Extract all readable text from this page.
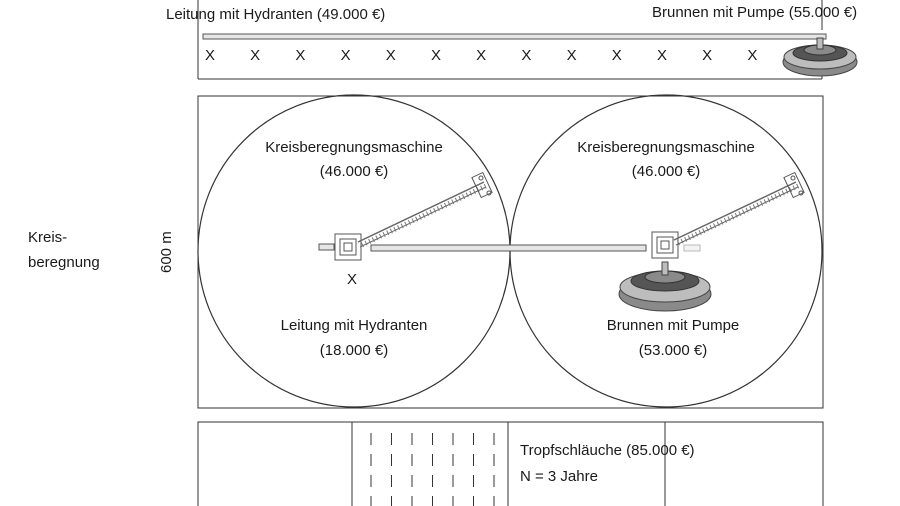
Leitung mit Hydranten (49.000 €)	Brunnen mit Pumpe (55.000 €)
X X X X X X X X X X X X X
Kreis-
beregnung	600 m
Kreisberegnungsmaschine
(46.000 €)
X
Leitung mit Hydranten
(18.000 €)
Kreisberegnungsmaschine
(46.000 €)
Brunnen mit Pumpe
(53.000 €)
Tropfschläuche (85.000 €)
N = 3 Jahre
